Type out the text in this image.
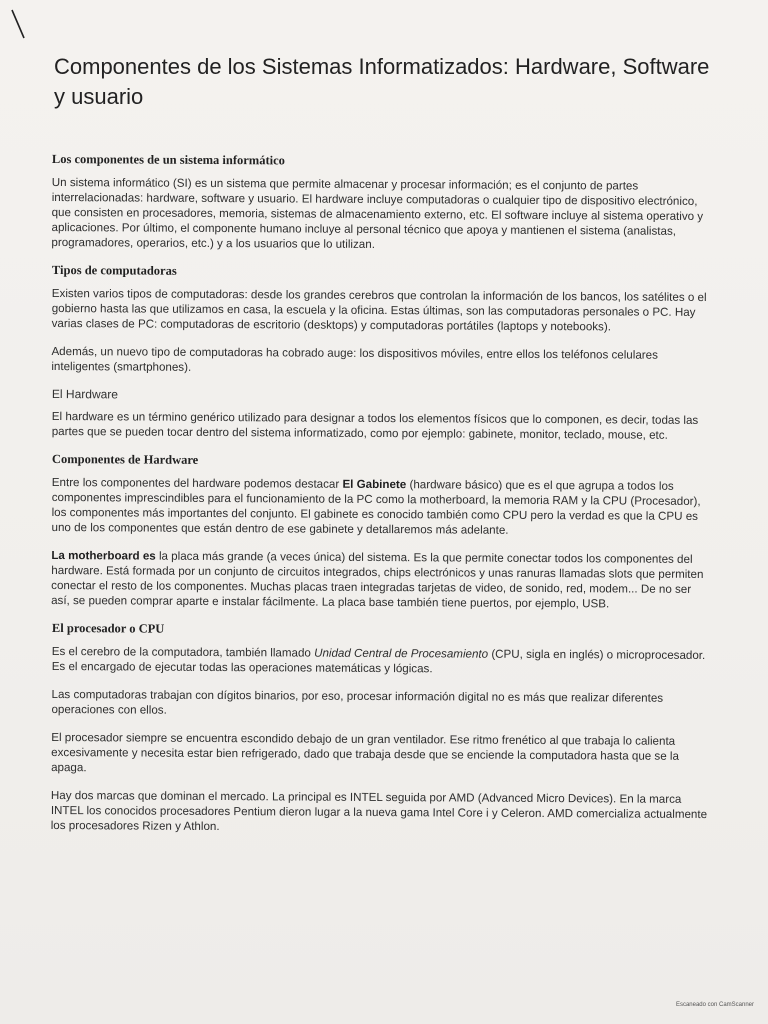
Componentes de los Sistemas Informatizados: Hardware, Software y usuario
Los componentes de un sistema informático

Un sistema informático (SI) es un sistema que permite almacenar y procesar información; es el conjunto de partes interrelacionadas: hardware, software y usuario. El hardware incluye computadoras o cualquier tipo de dispositivo electrónico, que consisten en procesadores, memoria, sistemas de almacenamiento externo, etc. El software incluye al sistema operativo y aplicaciones. Por último, el componente humano incluye al personal técnico que apoya y mantienen el sistema (analistas, programadores, operarios, etc.) y a los usuarios que lo utilizan.

Tipos de computadoras

Existen varios tipos de computadoras: desde los grandes cerebros que controlan la información de los bancos, los satélites o el gobierno hasta las que utilizamos en casa, la escuela y la oficina. Estas últimas, son las computadoras personales o PC. Hay varias clases de PC: computadoras de escritorio (desktops) y computadoras portátiles (laptops y notebooks).

Además, un nuevo tipo de computadoras ha cobrado auge: los dispositivos móviles, entre ellos los teléfonos celulares inteligentes (smartphones).

El Hardware

El hardware es un término genérico utilizado para designar a todos los elementos físicos que lo componen, es decir, todas las partes que se pueden tocar dentro del sistema informatizado, como por ejemplo: gabinete, monitor, teclado, mouse, etc.

Componentes de Hardware

Entre los componentes del hardware podemos destacar El Gabinete (hardware básico) que es el que agrupa a todos los componentes imprescindibles para el funcionamiento de la PC como la motherboard, la memoria RAM y la CPU (Procesador), los componentes más importantes del conjunto. El gabinete es conocido también como CPU pero la verdad es que la CPU es uno de los componentes que están dentro de ese gabinete y detallaremos más adelante.

La motherboard es la placa más grande (a veces única) del sistema. Es la que permite conectar todos los componentes del hardware. Está formada por un conjunto de circuitos integrados, chips electrónicos y unas ranuras llamadas slots que permiten conectar el resto de los componentes. Muchas placas traen integradas tarjetas de video, de sonido, red, modem... De no ser así, se pueden comprar aparte e instalar fácilmente. La placa base también tiene puertos, por ejemplo, USB.

El procesador o CPU

Es el cerebro de la computadora, también llamado Unidad Central de Procesamiento (CPU, sigla en inglés) o microprocesador. Es el encargado de ejecutar todas las operaciones matemáticas y lógicas.

Las computadoras trabajan con dígitos binarios, por eso, procesar información digital no es más que realizar diferentes operaciones con ellos.

El procesador siempre se encuentra escondido debajo de un gran ventilador. Ese ritmo frenético al que trabaja lo calienta excesivamente y necesita estar bien refrigerado, dado que trabaja desde que se enciende la computadora hasta que se la apaga.

Hay dos marcas que dominan el mercado. La principal es INTEL seguida por AMD (Advanced Micro Devices). En la marca INTEL los conocidos procesadores Pentium dieron lugar a la nueva gama Intel Core i y Celeron. AMD comercializa actualmente los procesadores Rizen y Athlon.

Escaneado con CamScanner
